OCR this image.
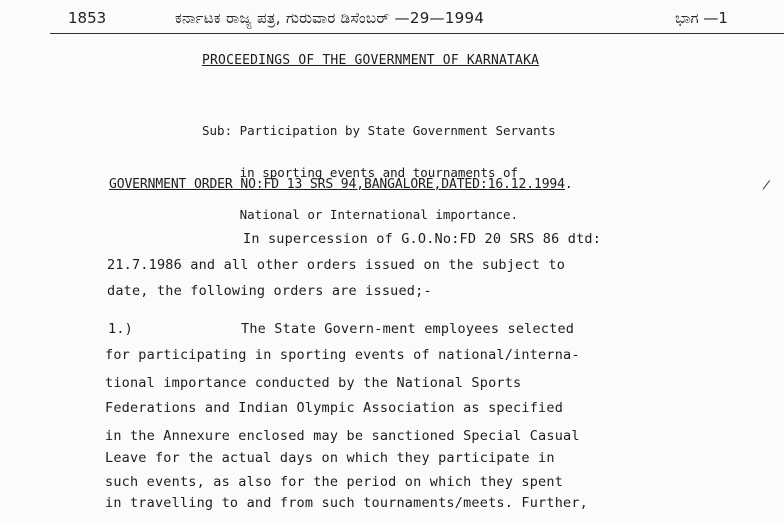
1853	ಕರ್ನಾಟಕ ರಾಜ್ಯ ಪತ್ರ, ಗುರುವಾರ ಡಿಸೆಂಬರ್ —29—1994	ಭಾಗ —1
PROCEEDINGS OF THE GOVERNMENT OF KARNATAKA

Sub: Participation by State Government Servants

in sporting events and tournaments of

National or International importance.

GOVERNMENT ORDER NO:FD 13 SRS 94,BANGALORE,DATED:16.12.1994.	/
In supercession of G.O.No:FD 20 SRS 86 dtd:
21.7.1986 and all other orders issued on the subject to
date, the following orders are issued;-
1.)	The State Govern-ment employees selected
for participating in sporting events of national/interna-
tional importance conducted by the National Sports
Federations and Indian Olympic Association as specified
in the Annexure enclosed may be sanctioned Special Casual
Leave for the actual days on which they participate in
such events, as also for the period on which they spent
in travelling to and from such tournaments/meets. Further,
